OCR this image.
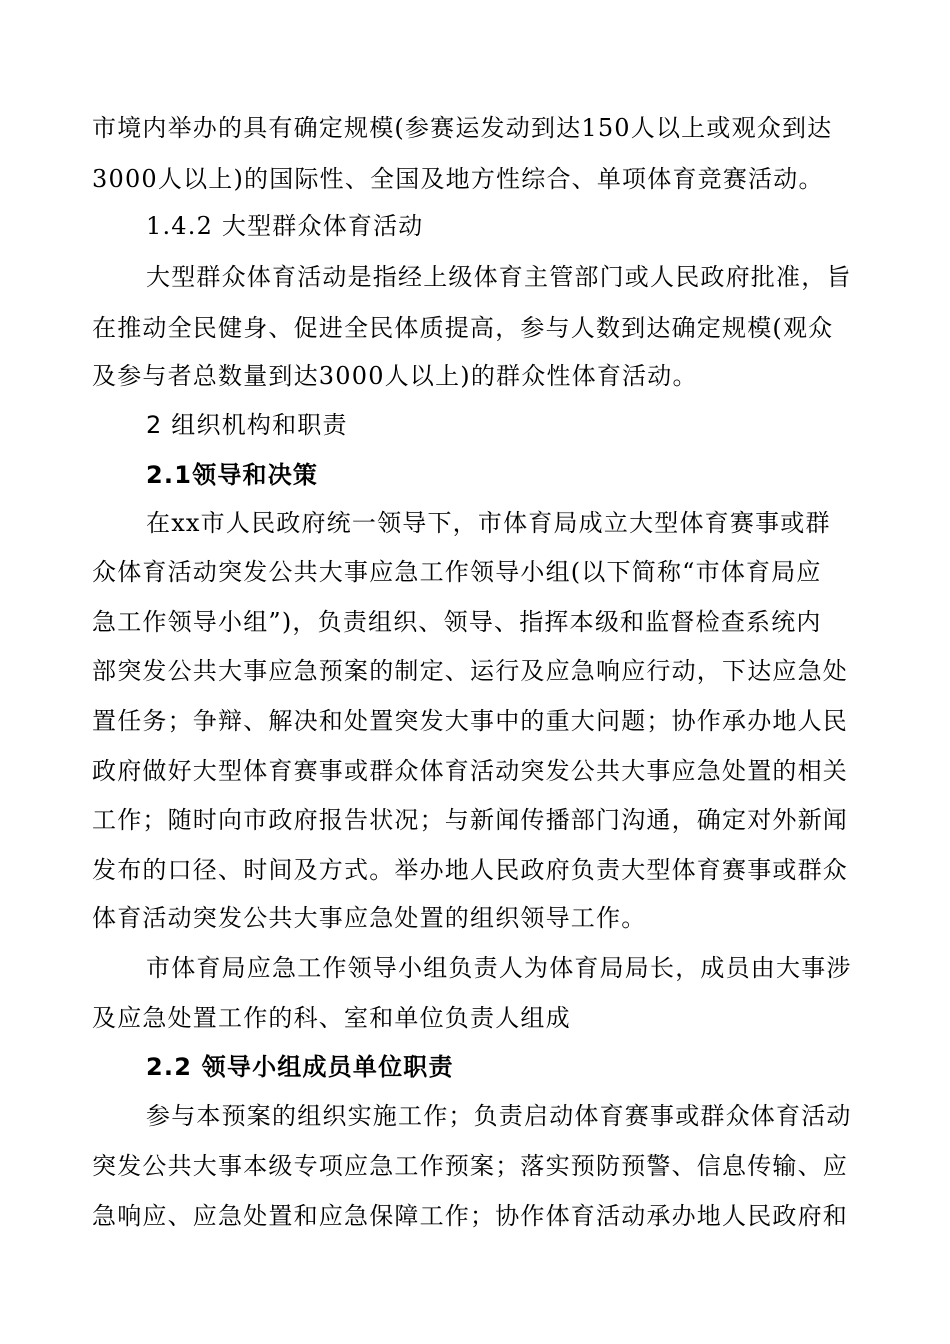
市境内举办的具有确定规模(参赛运发动到达150人以上或观众到达
3000人以上)的国际性、全国及地方性综合、单项体育竞赛活动。
1.4.2 大型群众体育活动
大型群众体育活动是指经上级体育主管部门或人民政府批准，旨
在推动全民健身、促进全民体质提高，参与人数到达确定规模(观众
及参与者总数量到达3000人以上)的群众性体育活动。
2 组织机构和职责
2.1领导和决策
在xx市人民政府统一领导下，市体育局成立大型体育赛事或群
众体育活动突发公共大事应急工作领导小组(以下简称“市体育局应
急工作领导小组”)，负责组织、领导、指挥本级和监督检查系统内
部突发公共大事应急预案的制定、运行及应急响应行动，下达应急处
置任务；争辩、解决和处置突发大事中的重大问题；协作承办地人民
政府做好大型体育赛事或群众体育活动突发公共大事应急处置的相关
工作；随时向市政府报告状况；与新闻传播部门沟通，确定对外新闻
发布的口径、时间及方式。举办地人民政府负责大型体育赛事或群众
体育活动突发公共大事应急处置的组织领导工作。
市体育局应急工作领导小组负责人为体育局局长，成员由大事涉
及应急处置工作的科、室和单位负责人组成
2.2 领导小组成员单位职责
参与本预案的组织实施工作；负责启动体育赛事或群众体育活动
突发公共大事本级专项应急工作预案；落实预防预警、信息传输、应
急响应、应急处置和应急保障工作；协作体育活动承办地人民政府和
